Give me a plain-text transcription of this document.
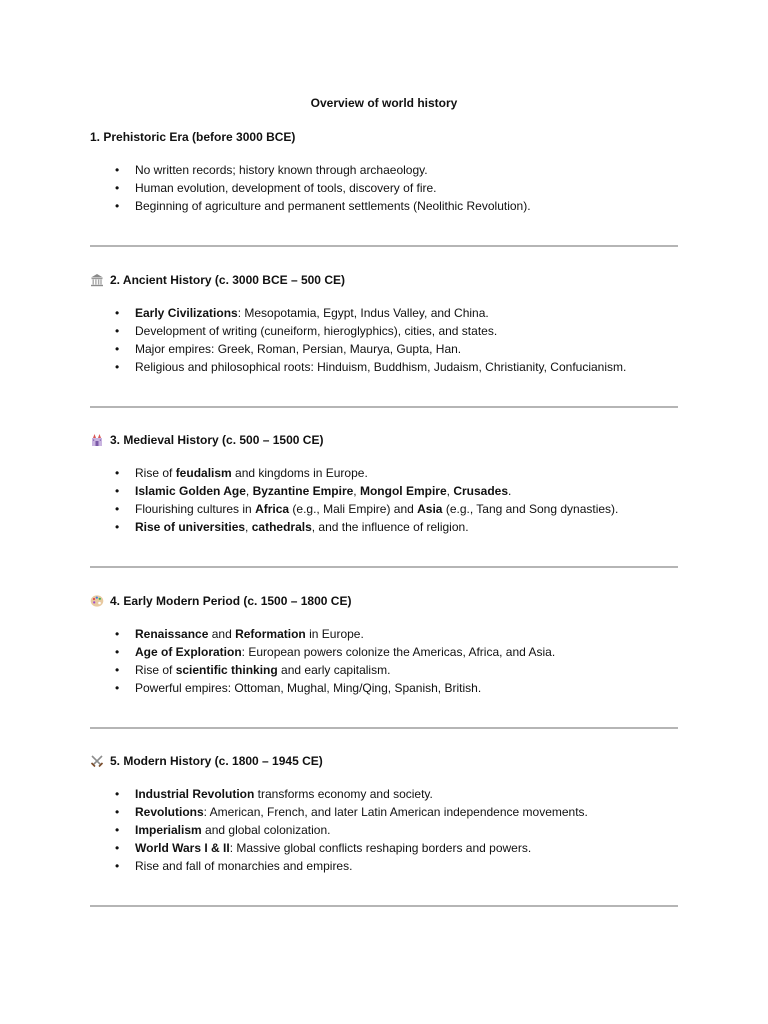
Overview of world history
1. Prehistoric Era (before 3000 BCE)
• No written records; history known through archaeology.
• Human evolution, development of tools, discovery of fire.
• Beginning of agriculture and permanent settlements (Neolithic Revolution).
2. Ancient History (c. 3000 BCE – 500 CE)
• Early Civilizations: Mesopotamia, Egypt, Indus Valley, and China.
• Development of writing (cuneiform, hieroglyphics), cities, and states.
• Major empires: Greek, Roman, Persian, Maurya, Gupta, Han.
• Religious and philosophical roots: Hinduism, Buddhism, Judaism, Christianity, Confucianism.
3. Medieval History (c. 500 – 1500 CE)
• Rise of feudalism and kingdoms in Europe.
• Islamic Golden Age, Byzantine Empire, Mongol Empire, Crusades.
• Flourishing cultures in Africa (e.g., Mali Empire) and Asia (e.g., Tang and Song dynasties).
• Rise of universities, cathedrals, and the influence of religion.
4. Early Modern Period (c. 1500 – 1800 CE)
• Renaissance and Reformation in Europe.
• Age of Exploration: European powers colonize the Americas, Africa, and Asia.
• Rise of scientific thinking and early capitalism.
• Powerful empires: Ottoman, Mughal, Ming/Qing, Spanish, British.
5. Modern History (c. 1800 – 1945 CE)
• Industrial Revolution transforms economy and society.
• Revolutions: American, French, and later Latin American independence movements.
• Imperialism and global colonization.
• World Wars I & II: Massive global conflicts reshaping borders and powers.
• Rise and fall of monarchies and empires.
